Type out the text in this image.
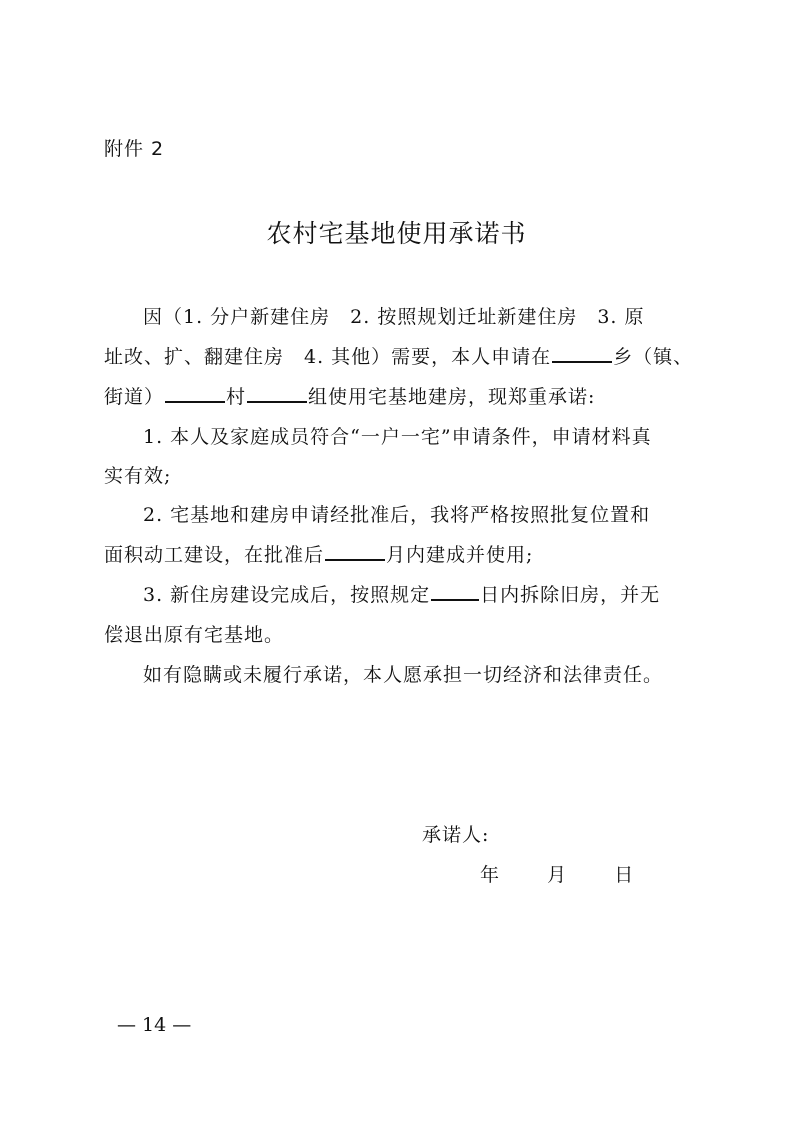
附件 2
农村宅基地使用承诺书
因（1. 分户新建住房　2. 按照规划迁址新建住房　3. 原
址改、扩、翻建住房　4. 其他）需要，本人申请在	乡（镇、
街道）	村	组使用宅基地建房，现郑重承诺:
1. 本人及家庭成员符合“一户一宅”申请条件，申请材料真
实有效;
2. 宅基地和建房申请经批准后，我将严格按照批复位置和
面积动工建设，在批准后	月内建成并使用;
3. 新住房建设完成后，按照规定	日内拆除旧房，并无
偿退出原有宅基地。
如有隐瞒或未履行承诺，本人愿承担一切经济和法律责任。
承诺人:
年	月	日
— 14 —
